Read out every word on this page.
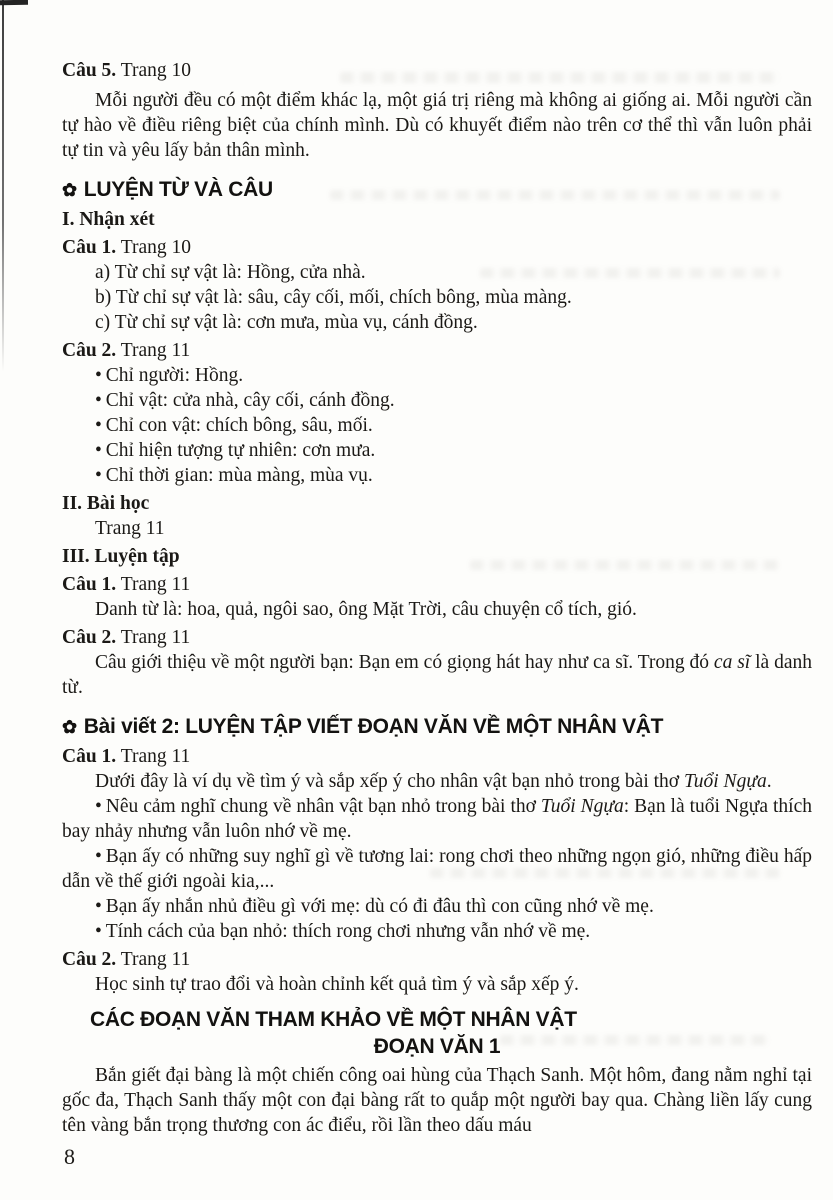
Câu 5. Trang 10

Mỗi người đều có một điểm khác lạ, một giá trị riêng mà không ai giống ai. Mỗi người cần tự hào về điều riêng biệt của chính mình. Dù có khuyết điểm nào trên cơ thể thì vẫn luôn phải tự tin và yêu lấy bản thân mình.

✿ LUYỆN TỪ VÀ CÂU

I. Nhận xét

Câu 1. Trang 10

a) Từ chỉ sự vật là: Hồng, cửa nhà.

b) Từ chỉ sự vật là: sâu, cây cối, mối, chích bông, mùa màng.

c) Từ chỉ sự vật là: cơn mưa, mùa vụ, cánh đồng.

Câu 2. Trang 11

• Chỉ người: Hồng.

• Chỉ vật: cửa nhà, cây cối, cánh đồng.

• Chỉ con vật: chích bông, sâu, mối.

• Chỉ hiện tượng tự nhiên: cơn mưa.

• Chỉ thời gian: mùa màng, mùa vụ.

II. Bài học

Trang 11

III. Luyện tập

Câu 1. Trang 11

Danh từ là: hoa, quả, ngôi sao, ông Mặt Trời, câu chuyện cổ tích, gió.

Câu 2. Trang 11

Câu giới thiệu về một người bạn: Bạn em có giọng hát hay như ca sĩ. Trong đó ca sĩ là danh từ.

✿ Bài viết 2: LUYỆN TẬP VIẾT ĐOẠN VĂN VỀ MỘT NHÂN VẬT

Câu 1. Trang 11

Dưới đây là ví dụ về tìm ý và sắp xếp ý cho nhân vật bạn nhỏ trong bài thơ Tuổi Ngựa.

• Nêu cảm nghĩ chung về nhân vật bạn nhỏ trong bài thơ Tuổi Ngựa: Bạn là tuổi Ngựa thích bay nhảy nhưng vẫn luôn nhớ về mẹ.

• Bạn ấy có những suy nghĩ gì về tương lai: rong chơi theo những ngọn gió, những điều hấp dẫn về thế giới ngoài kia,...

• Bạn ấy nhắn nhủ điều gì với mẹ: dù có đi đâu thì con cũng nhớ về mẹ.

• Tính cách của bạn nhỏ: thích rong chơi nhưng vẫn nhớ về mẹ.

Câu 2. Trang 11

Học sinh tự trao đổi và hoàn chỉnh kết quả tìm ý và sắp xếp ý.

CÁC ĐOẠN VĂN THAM KHẢO VỀ MỘT NHÂN VẬT
ĐOẠN VĂN 1

Bắn giết đại bàng là một chiến công oai hùng của Thạch Sanh. Một hôm, đang nằm nghỉ tại gốc đa, Thạch Sanh thấy một con đại bàng rất to quắp một người bay qua. Chàng liền lấy cung tên vàng bắn trọng thương con ác điểu, rồi lần theo dấu máu

8
